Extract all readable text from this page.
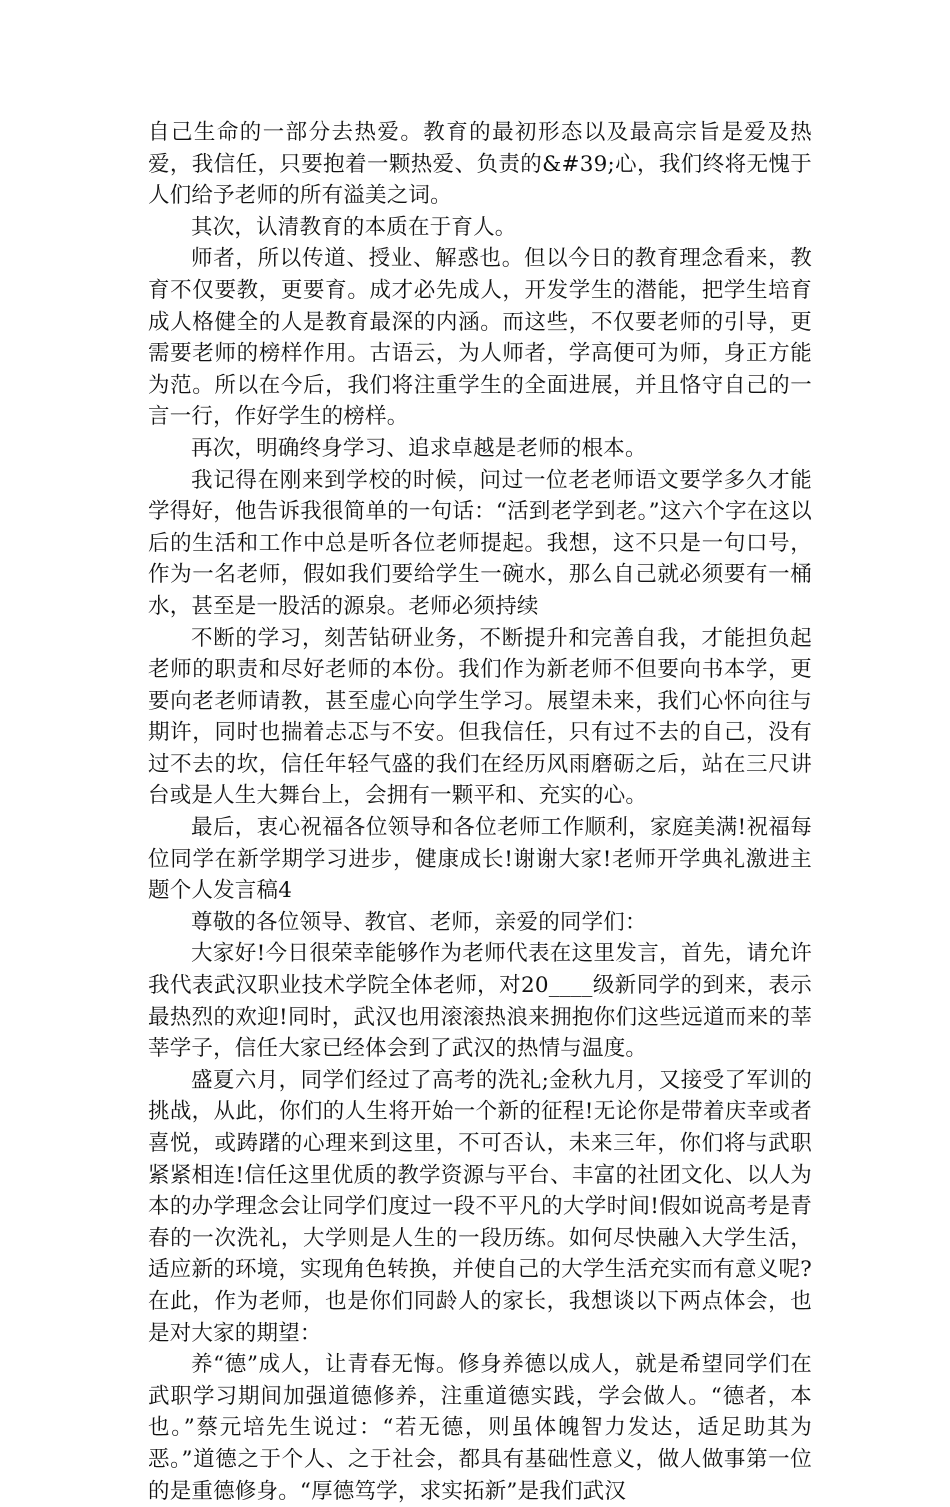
自己生命的一部分去热爱。教育的最初形态以及最高宗旨是爱及热爱，我信任，只要抱着一颗热爱、负责的&#39;心，我们终将无愧于人们给予老师的所有溢美之词。

其次，认清教育的本质在于育人。

师者，所以传道、授业、解惑也。但以今日的教育理念看来，教育不仅要教，更要育。成才必先成人，开发学生的潜能，把学生培育成人格健全的人是教育最深的内涵。而这些，不仅要老师的引导，更需要老师的榜样作用。古语云，为人师者，学高便可为师，身正方能为范。所以在今后，我们将注重学生的全面进展，并且恪守自己的一言一行，作好学生的榜样。

再次，明确终身学习、追求卓越是老师的根本。

我记得在刚来到学校的时候，问过一位老老师语文要学多久才能学得好，他告诉我很简单的一句话：“活到老学到老。”这六个字在这以后的生活和工作中总是听各位老师提起。我想，这不只是一句口号，作为一名老师，假如我们要给学生一碗水，那么自己就必须要有一桶水，甚至是一股活的源泉。老师必须持续

不断的学习，刻苦钻研业务，不断提升和完善自我，才能担负起老师的职责和尽好老师的本份。我们作为新老师不但要向书本学，更要向老老师请教，甚至虚心向学生学习。展望未来，我们心怀向往与期许，同时也揣着忐忑与不安。但我信任，只有过不去的自己，没有过不去的坎，信任年轻气盛的我们在经历风雨磨砺之后，站在三尺讲台或是人生大舞台上，会拥有一颗平和、充实的心。

最后，衷心祝福各位领导和各位老师工作顺利，家庭美满!祝福每位同学在新学期学习进步，健康成长!谢谢大家!老师开学典礼激进主题个人发言稿4

尊敬的各位领导、教官、老师，亲爱的同学们：

大家好!今日很荣幸能够作为老师代表在这里发言，首先，请允许我代表武汉职业技术学院全体老师，对20____级新同学的到来，表示最热烈的欢迎!同时，武汉也用滚滚热浪来拥抱你们这些远道而来的莘莘学子，信任大家已经体会到了武汉的热情与温度。

盛夏六月，同学们经过了高考的洗礼;金秋九月，又接受了军训的挑战，从此，你们的人生将开始一个新的征程!无论你是带着庆幸或者喜悦，或踌躇的心理来到这里，不可否认，未来三年，你们将与武职紧紧相连!信任这里优质的教学资源与平台、丰富的社团文化、以人为本的办学理念会让同学们度过一段不平凡的大学时间!假如说高考是青春的一次洗礼，大学则是人生的一段历练。如何尽快融入大学生活，适应新的环境，实现角色转换，并使自己的大学生活充实而有意义呢?在此，作为老师，也是你们同龄人的家长，我想谈以下两点体会，也是对大家的期望：

养“德”成人，让青春无悔。修身养德以成人，就是希望同学们在武职学习期间加强道德修养，注重道德实践，学会做人。“德者，本也。”蔡元培先生说过：“若无德，则虽体魄智力发达，适足助其为恶。”道德之于个人、之于社会，都具有基础性意义，做人做事第一位的是重德修身。“厚德笃学，求实拓新”是我们武汉
